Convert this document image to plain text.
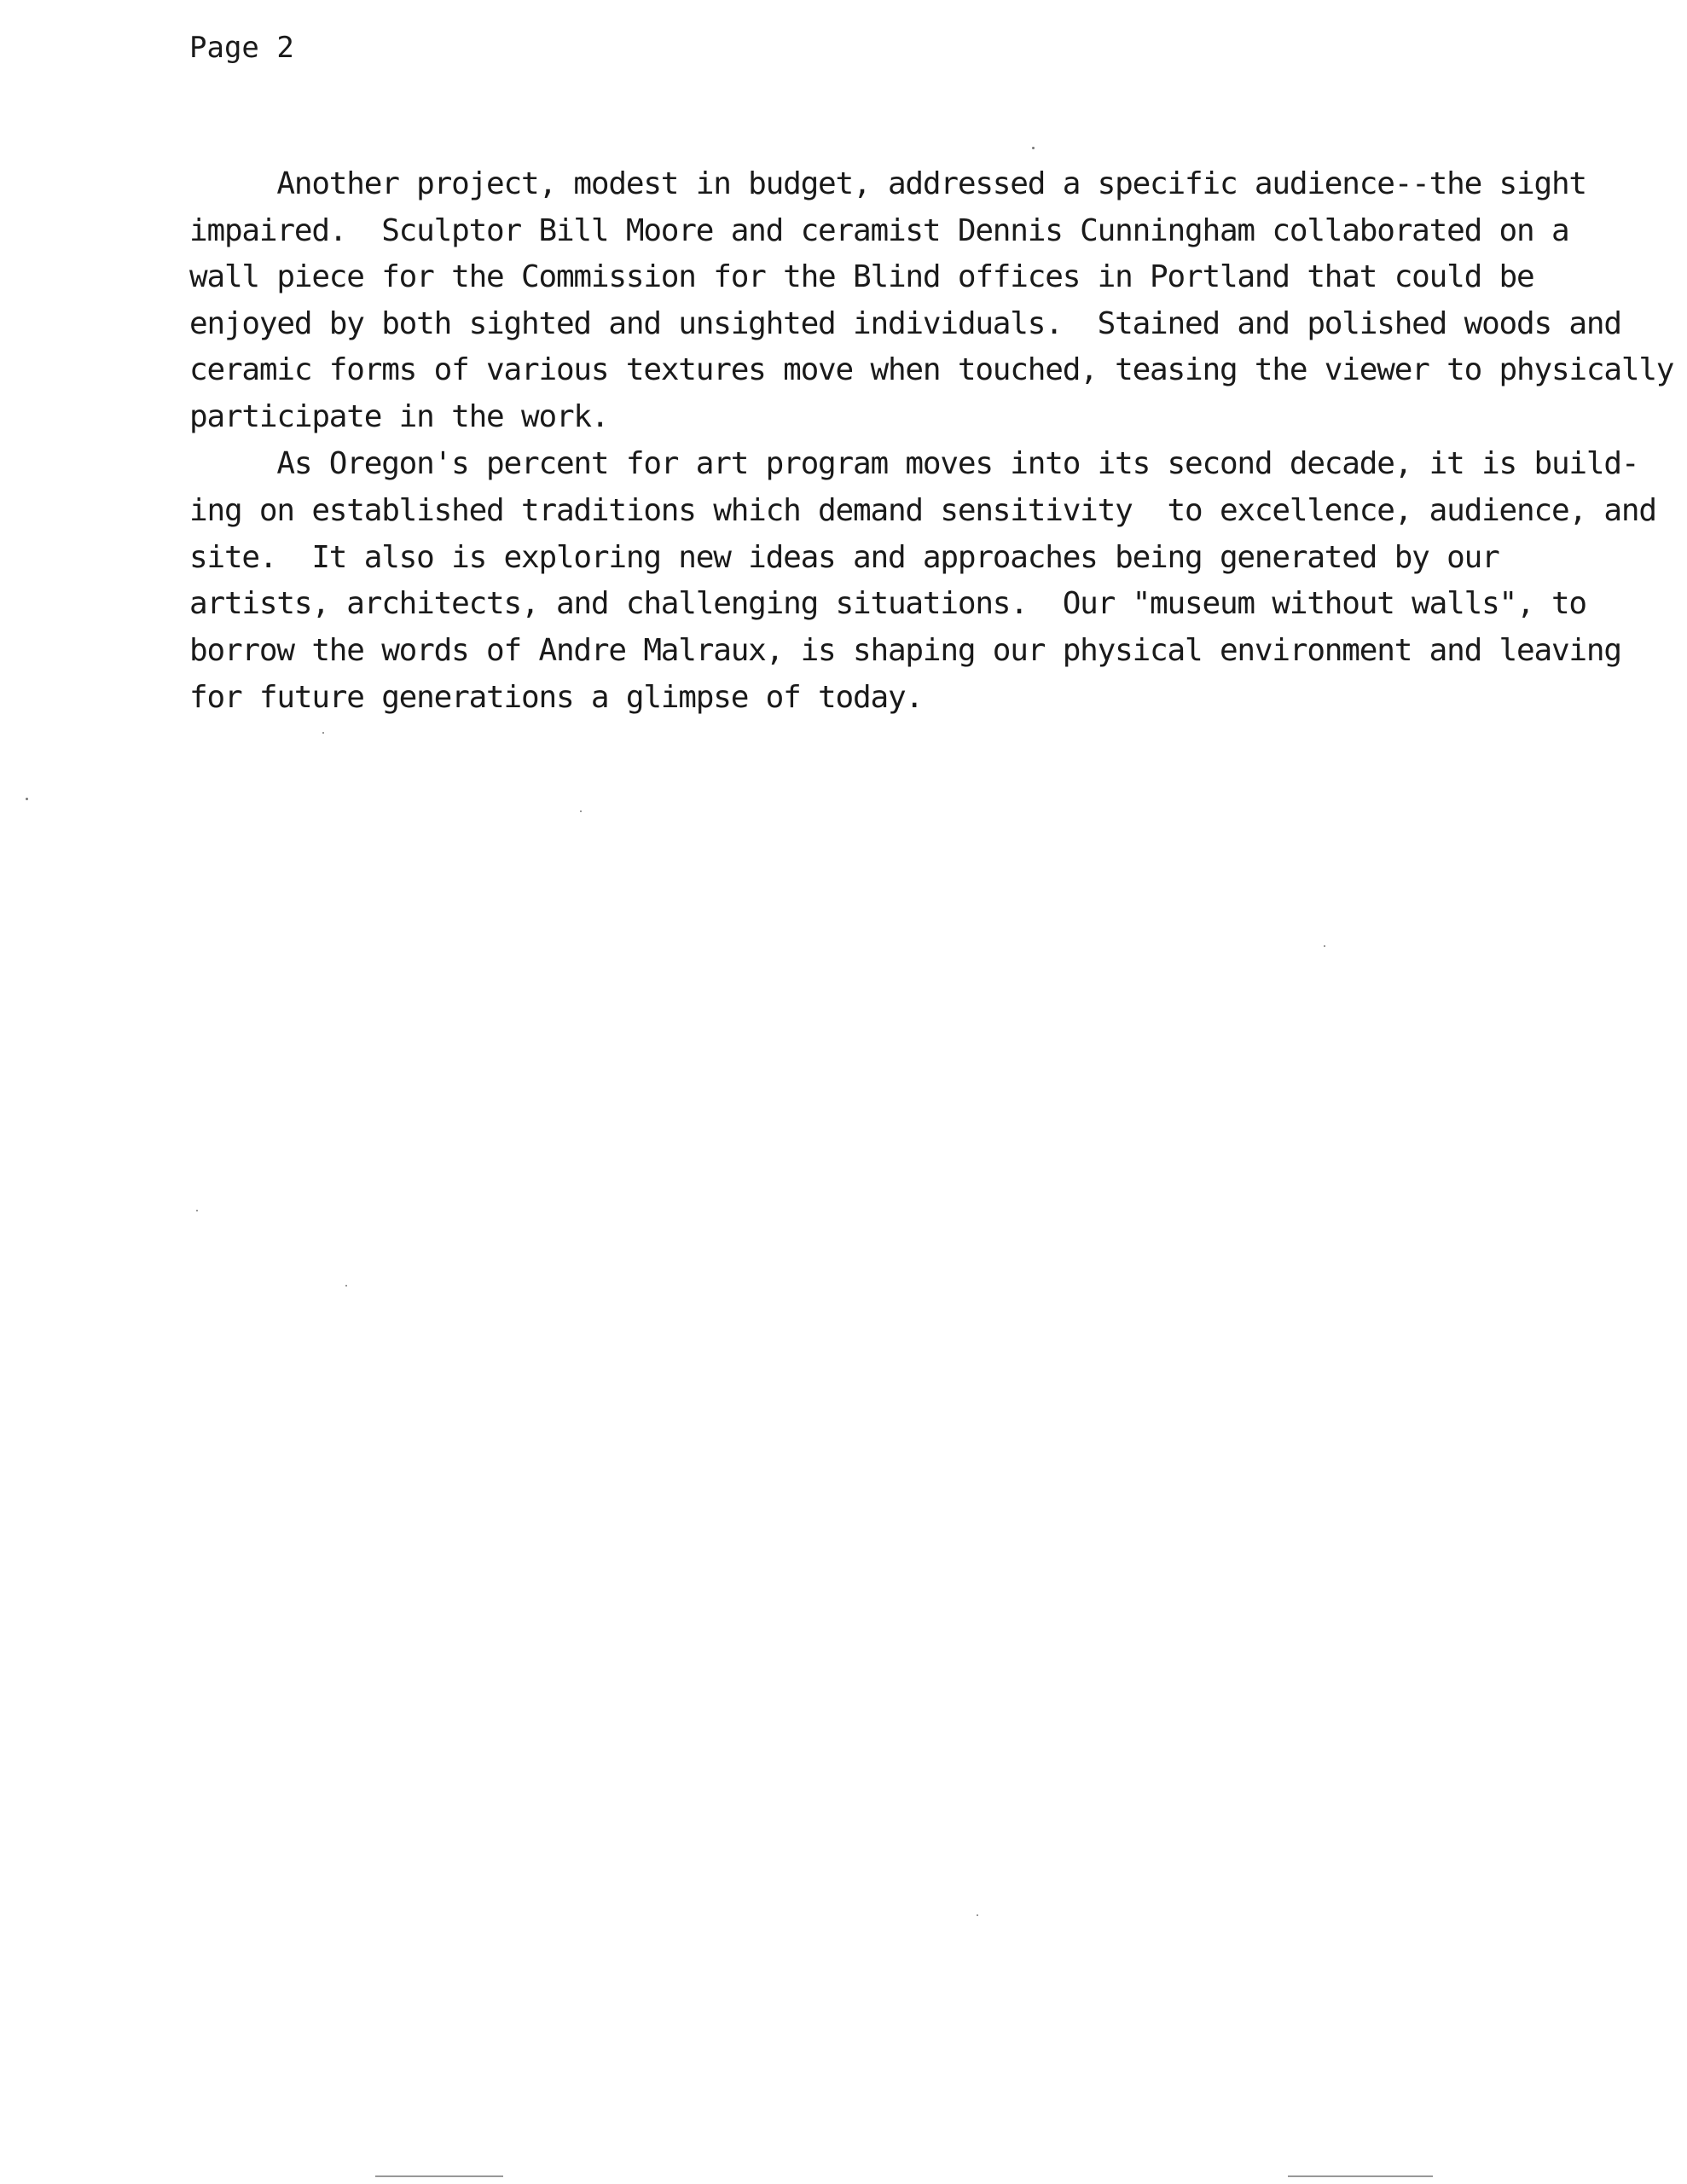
Page 2
Another project, modest in budget, addressed a specific audience--the sight
impaired.  Sculptor Bill Moore and ceramist Dennis Cunningham collaborated on a
wall piece for the Commission for the Blind offices in Portland that could be
enjoyed by both sighted and unsighted individuals.  Stained and polished woods and
ceramic forms of various textures move when touched, teasing the viewer to physically
participate in the work.
As Oregon's percent for art program moves into its second decade, it is build-
ing on established traditions which demand sensitivity  to excellence, audience, and
site.  It also is exploring new ideas and approaches being generated by our
artists, architects, and challenging situations.  Our "museum without walls", to
borrow the words of Andre Malraux, is shaping our physical environment and leaving
for future generations a glimpse of today.
